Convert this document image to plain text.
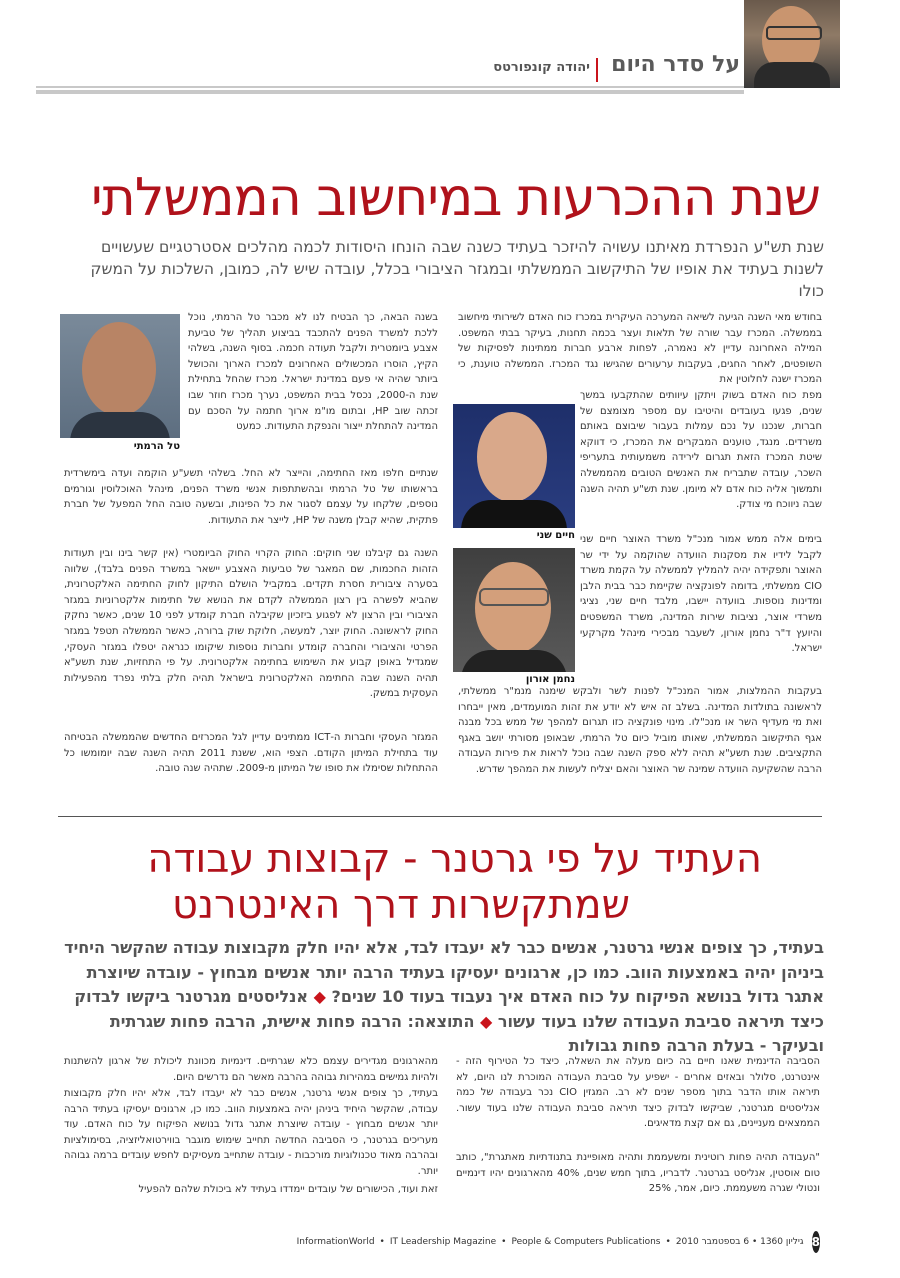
על סדר היום
יהודה קונפורטס
שנת ההכרעות במיחשוב הממשלתי
שנת תש"ע הנפרדת מאיתנו עשויה להיזכר בעתיד כשנה שבה הונחו היסודות לכמה מהלכים אסטרטגיים שעשויים לשנות בעתיד את אופיו של התיקשוב הממשלתי ובמגזר הציבורי בכלל, עובדה שיש לה, כמובן, השלכות על המשק כולו
בחודש מאי השנה הגיעה לשיאה המערכה העיקרית במכרז כוח האדם לשירותי מיחשוב בממשלה. המכרז עבר שורה של תלאות ועצר בכמה תחנות, בעיקר בבתי המשפט. המילה האחרונה עדיין לא נאמרה, לפחות ארבע חברות ממתינות לפסיקות של השופטים, לאחר החגים, בעקבות ערעורים שהגישו נגד המכרז. הממשלה טוענת, כי המכרז ישנה לחלוטין את
מפת כוח האדם בשוק ויתקן עיוותים שהתקבעו במשך שנים, פגעו בעובדים והיטיבו עם מספר מצומצם של חברות, שנכנו על נכם עמלות בעבור שיבוצם באותם משרדים. מנגד, טוענים המבקרים את המכרז, כי דווקא שיטת המכרז הזאת תגרום לירידה משמעותית בתעריפי השכר, עובדה שתבריח את האנשים הטובים מהממשלה ותמשוך אליה כוח אדם לא מיומן. שנת תש"ע תהיה השנה שבה ניווכח מי צודק.
בימים אלה ממש אמור מנכ"ל משרד האוצר חיים שני לקבל לידיו את מסקנות הוועדה שהוקמה על ידי שר האוצר ותפקידה יהיה להמליץ לממשלה על הקמת משרד CIO ממשלתי, בדומה לפונקציה שקיימת כבר בבית הלבן ומדינות נוספות. בוועדה יישבו, מלבד חיים שני, נציגי משרדי אוצר, נציבות שירות המדינה, משרד המשפטים והיועץ ד"ר נחמן אורון, לשעבר מבכירי מינהל מקרקעי ישראל.
בעקבות ההמלצות, אמור המנכ"ל לפנות לשר ולבקש שימנה מנמ"ר ממשלתי, לראשונה בתולדות המדינה. בשלב זה איש לא יודע את זהות המועמדים, מאין ייבחרו ואת מי מעדיף השר או מנכ"לו. מינוי פונקציה כזו תגרום למהפך של ממש בכל מבנה אגף התיקשוב הממשלתי, שאותו מוביל כיום טל הרמתי, שבאופן מסורתי יושב באגף התקציבים. שנת תשע"א תהיה ללא ספק השנה שבה נוכל לראות את פירות העבודה הרבה שהשקיעה הוועדה שמינה שר האוצר והאם יצליח לעשות את המהפך שדרש.
חיים שני
נחמן אורון
טל הרמתי
בשנה הבאה, כך הבטיח לנו לא מכבר טל הרמתי, נוכל ללכת למשרד הפנים להתכבד בביצוע תהליך של טביעת אצבע ביומטרית ולקבל תעודה חכמה. בסוף השנה, בשלהי הקיץ, הוסרו המכשולים האחרונים למכרז הארוך והכושל ביותר שהיה אי פעם במדינת ישראל. מכרז שהחל בתחילת שנת ה-2000, נכסל בבית המשפט, נערך מכרז חוזר שבו זכתה שוב HP, ובתום מו"מ ארוך חתמה על הסכם עם המדינה להתחלת ייצור והנפקת התעודות. כמעט
שנתיים חלפו מאז החתימה, והייצר לא החל. בשלהי תשע"ע הוקמה ועדה בימשרדית בראשותו של טל הרמתי ובהשתתפות אנשי משרד הפנים, מינהל האוכלוסין וגורמים נוספים, שלקחו על עצמם לסגור את כל הפינות, ובשעה טובה החל המפעל של חברת פתקית, שהיא קבלן משנה של HP, לייצר את התעודות.
השנה גם קיבלנו שני חוקים: החוק הקרוי החוק הביומטרי (אין קשר בינו ובין תעודות הזהות החכמות, שם המאגר של טביעות האצבע יישאר במשרד הפנים בלבד), שלווה בסערה ציבורית חסרת תקדים. במקביל הושלם התיקון לחוק החתימה האלקטרונית, שהביא לפשרה בין רצון הממשלה לקדם את הנושא של חתימות אלקטרוניות במגזר הציבורי ובין הרצון לא לפגוע ביזכיון שקיבלה חברת קומדע לפני 10 שנים, כאשר נחקק החוק לראשונה. החוק יוצר, למעשה, חלוקת שוק ברורה, כאשר הממשלה תטפל במגזר הפרטי והציבורי והחברה קומדע וחברות נוספות שיקומו כנראה יטפלו במגזר העסקי, שמגדיל באופן קבוע את השימוש בחתימה אלקטרונית. על פי התחזיות, שנת תשע"א תהיה השנה שבה החתימה האלקטרונית בישראל תהיה חלק בלתי נפרד מהפעילות העסקית במשק.
המגזר העסקי וחברות ה-ICT ממתינים עדיין לגל המכרזים החדשים שהממשלה הבטיחה עוד בתחילת המיתון הקודם. הצפי הוא, ששנת 2011 תהיה השנה שבה יומומשו כל ההתחלות שסימלו את סופו של המיתון מ-2009. שתהיה שנה טובה.
העתיד על פי גרטנר - קבוצות עבודה
שמתקשרות דרך האינטרנט
בעתיד, כך צופים אנשי גרטנר, אנשים כבר לא יעבדו לבד, אלא יהיו חלק מקבוצות עבודה שהקשר היחיד ביניהן יהיה באמצעות הווב. כמו כן, ארגונים יעסיקו בעתיד הרבה יותר אנשים מבחוץ - עובדה שיוצרת אתגר גדול בנושא הפיקוח על כוח האדם איך נעבוד בעוד 10 שנים? ◆ אנליסטים מגרטנר ביקשו לבדוק כיצד תיראה סביבת העבודה שלנו בעוד עשור ◆ התוצאה: הרבה פחות אישית, הרבה פחות שגרתית ובעיקר - בעלת הרבה פחות גבולות
הסביבה הדינמית שאנו חיים בה כיום מעלה את השאלה, כיצד כל הטירוף הזה - אינטרנט, סלולר ובאזים אחרים - ישפיע על סביבת העבודה המוכרת לנו היום, לא תיראה אותו הדבר בתוך מספר שנים לא רב. המגזין CIO נכר בעבודה של כמה אנליסטים מגרטנר, שביקשו לבדוק כיצד תיראה סביבת העבודה שלנו בעוד עשור. הממצאים מעניינים, גם אם קצת מדאיגים.
"העבודה תהיה פחות רוטינית ומשעממת ותהיה מאופיינת בתנודתיות מאתגרת", כותב טום אוסטין, אנליסט בגרטנר. לדבריו, בתוך חמש שנים, 40% מהארגונים יהיו דינמיים ונטולי שגרה משעממת. כיום, אמר, 25%
מהארגונים מגדירים עצמם כלא שגרתיים. דינמיות מכוונת ליכולת של ארגון להשתנות ולהיות גמישים במהירות גבוהה בהרבה מאשר הם נדרשים היום.
בעתיד, כך צופים אנשי גרטנר, אנשים כבר לא יעבדו לבד, אלא יהיו חלק מקבוצות עבודה, שהקשר היחיד ביניהן יהיה באמצעות הווב. כמו כן, ארגונים יעסיקו בעתיד הרבה יותר אנשים מבחוץ - עובדה שיוצרת אתגר גדול בנושא הפיקוח על כוח האדם. עוד מעריכים בגרטנר, כי הסביבה החדשה תחייב שימוש מוגבר בווירטואליזציה, בסימולציות ובהרבה מאוד טכנולוגיות מורכבות - עובדה שתחייב מעסיקים לחפש עובדים ברמה גבוהה יותר.
זאת ועוד, הכישורים של עובדים יימדדו בעתיד לא ביכולת שלהם להפעיל
InformationWorld • IT Leadership Magazine • People & Computers Publications • גיליון 1360 • 6 בספטמבר 2010 8
